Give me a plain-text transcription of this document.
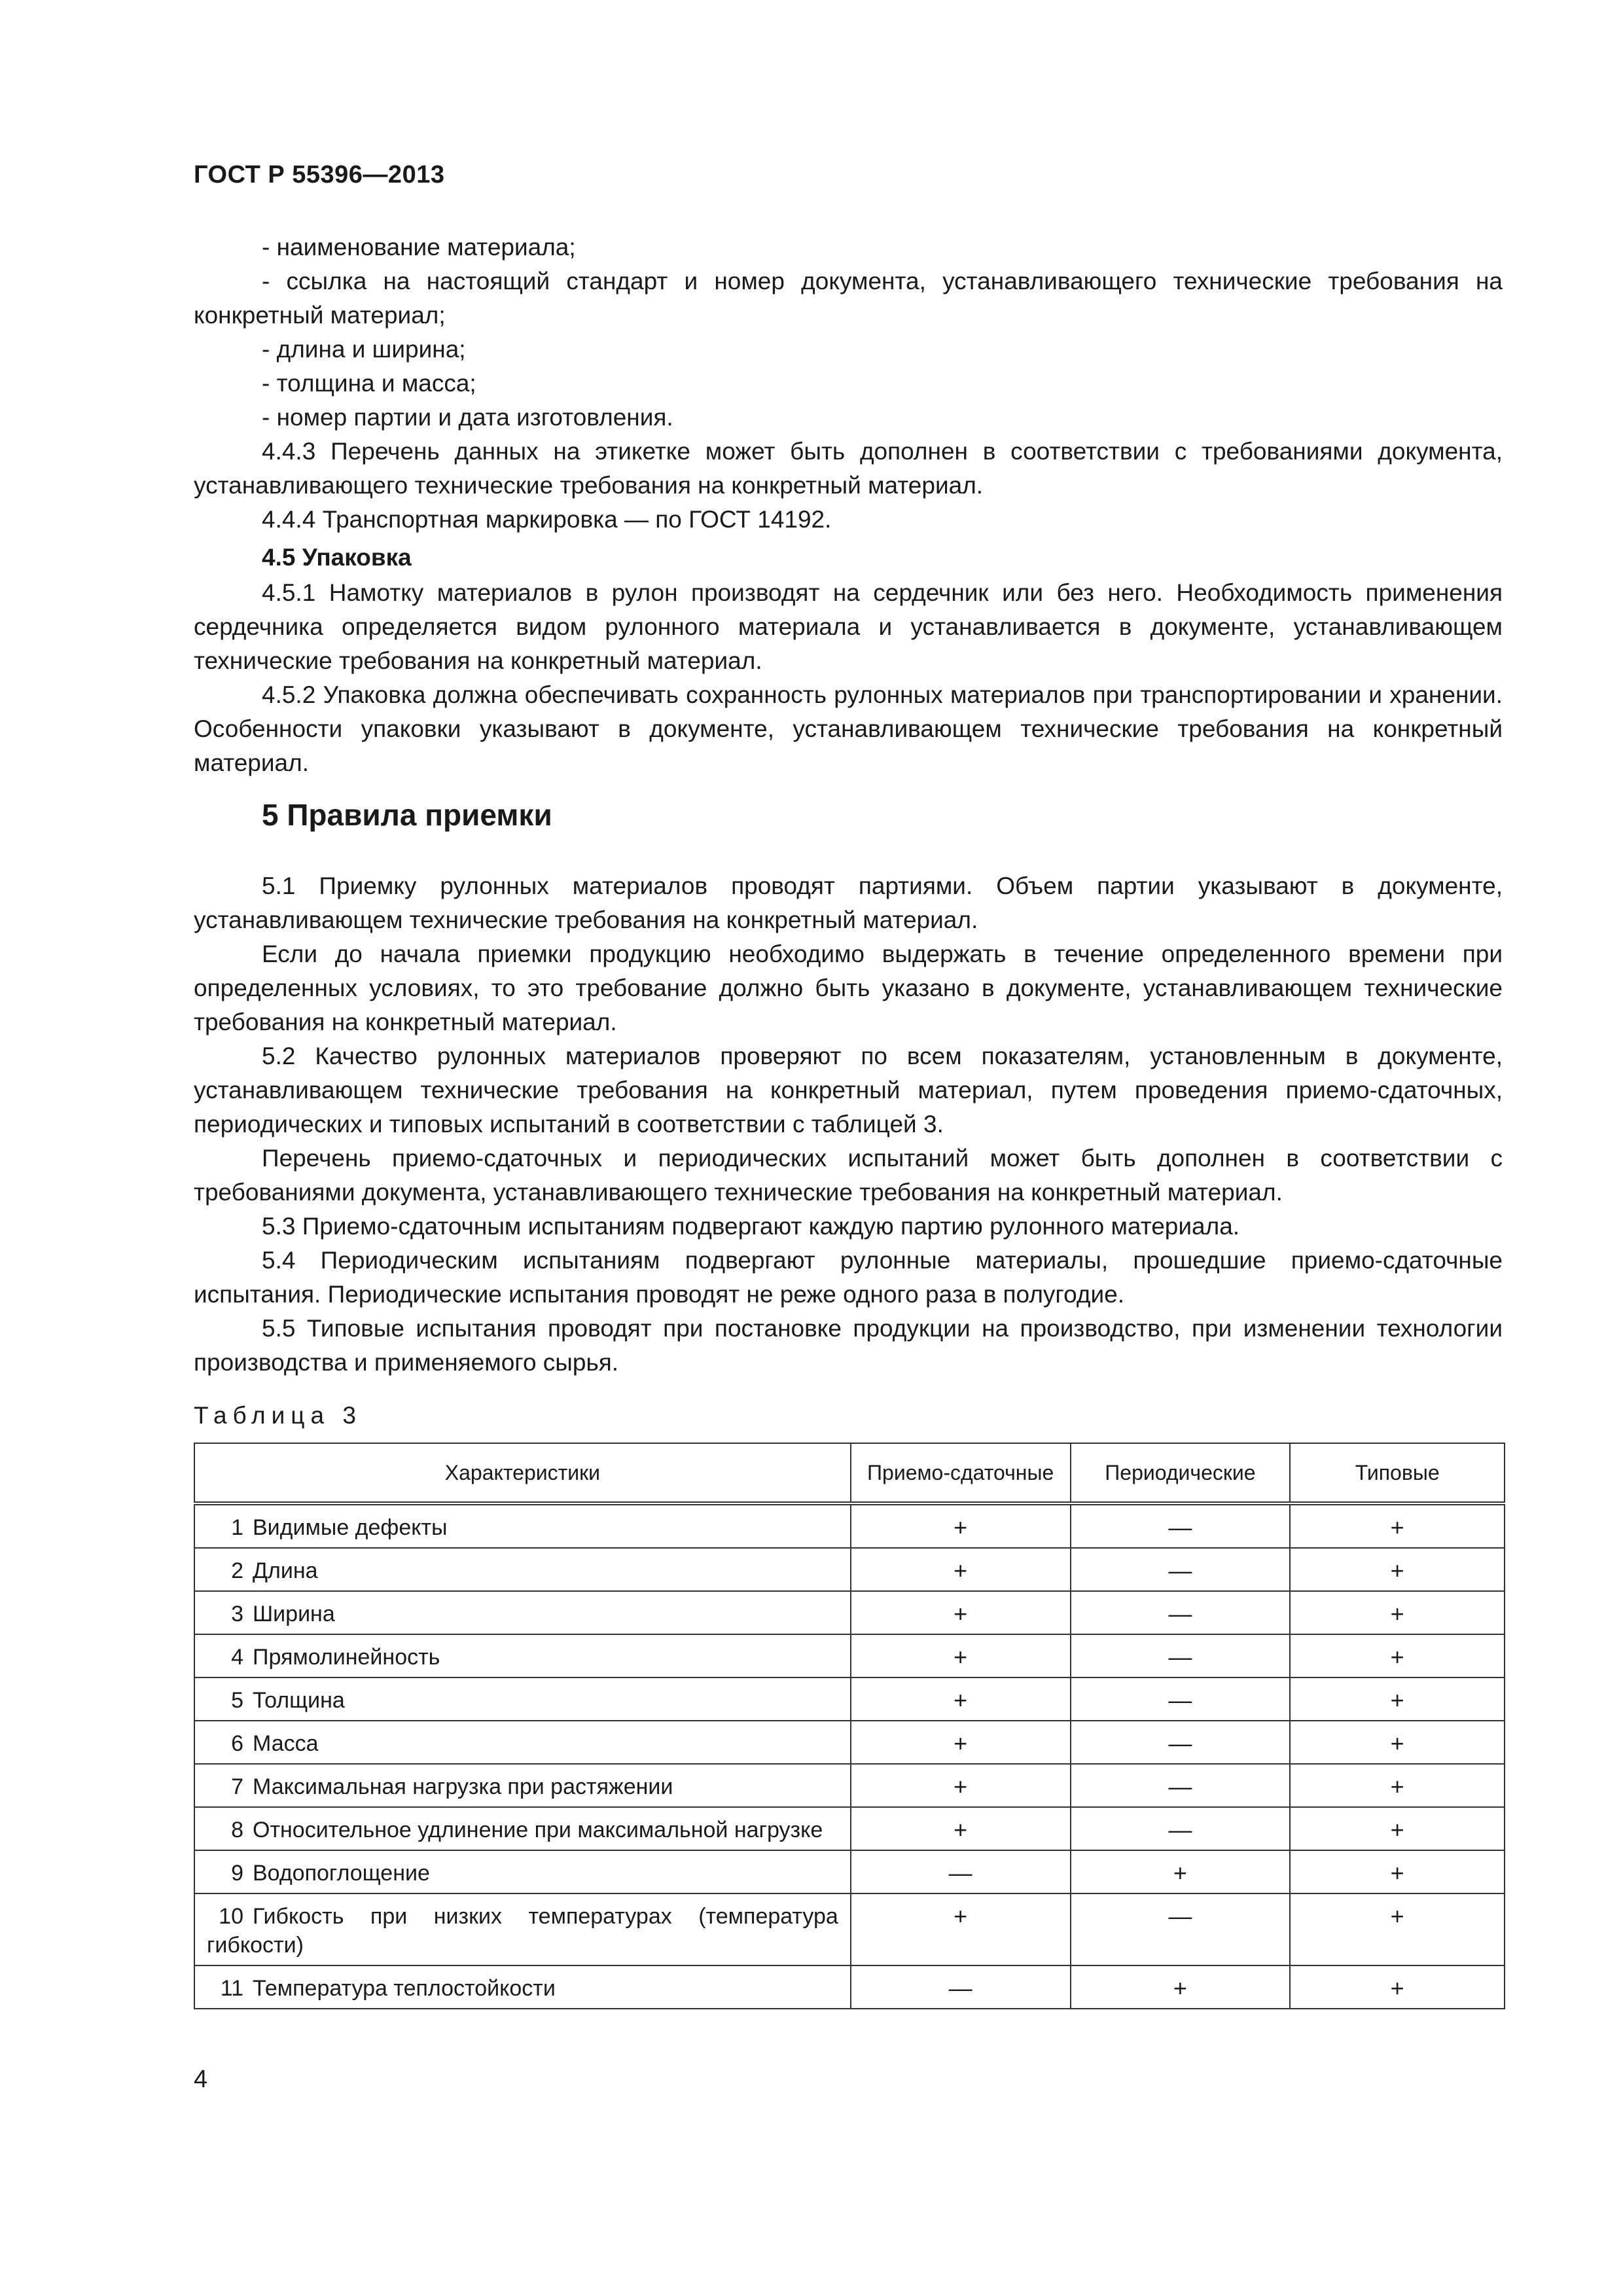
ГОСТ Р 55396—2013

- наименование материала;

- ссылка на настоящий стандарт и номер документа, устанавливающего технические требования на конкретный материал;

- длина и ширина;

- толщина и масса;

- номер партии и дата изготовления.

4.4.3 Перечень данных на этикетке может быть дополнен в соответствии с требованиями документа, устанавливающего технические требования на конкретный материал.

4.4.4 Транспортная маркировка — по ГОСТ 14192.

4.5 Упаковка

4.5.1 Намотку материалов в рулон производят на сердечник или без него. Необходимость применения сердечника определяется видом рулонного материала и устанавливается в документе, устанавливающем технические требования на конкретный материал.

4.5.2 Упаковка должна обеспечивать сохранность рулонных материалов при транспортировании и хранении. Особенности упаковки указывают в документе, устанавливающем технические требования на конкретный материал.

5 Правила приемки

5.1 Приемку рулонных материалов проводят партиями. Объем партии указывают в документе, устанавливающем технические требования на конкретный материал.

Если до начала приемки продукцию необходимо выдержать в течение определенного времени при определенных условиях, то это требование должно быть указано в документе, устанавливающем технические требования на конкретный материал.

5.2 Качество рулонных материалов проверяют по всем показателям, установленным в документе, устанавливающем технические требования на конкретный материал, путем проведения приемо-сдаточных, периодических и типовых испытаний в соответствии с таблицей 3.

Перечень приемо-сдаточных и периодических испытаний может быть дополнен в соответствии с требованиями документа, устанавливающего технические требования на конкретный материал.

5.3 Приемо-сдаточным испытаниям подвергают каждую партию рулонного материала.

5.4 Периодическим испытаниям подвергают рулонные материалы, прошедшие приемо-сдаточные испытания. Периодические испытания проводят не реже одного раза в полугодие.

5.5 Типовые испытания проводят при постановке продукции на производство, при изменении технологии производства и применяемого сырья.

Таблица 3
Характеристики	Приемо-сдаточные	Периодические	Типовые
1 Видимые дефекты	+	—	+
2 Длина	+	—	+
3 Ширина	+	—	+
4 Прямолинейность	+	—	+
5 Толщина	+	—	+
6 Масса	+	—	+
7 Максимальная нагрузка при растяжении	+	—	+
8 Относительное удлинение при максимальной нагрузке	+	—	+
9 Водопоглощение	—	+	+
10 Гибкость при низких температурах (температура гибкости)	+	—	+
11 Температура теплостойкости	—	+	+
4
